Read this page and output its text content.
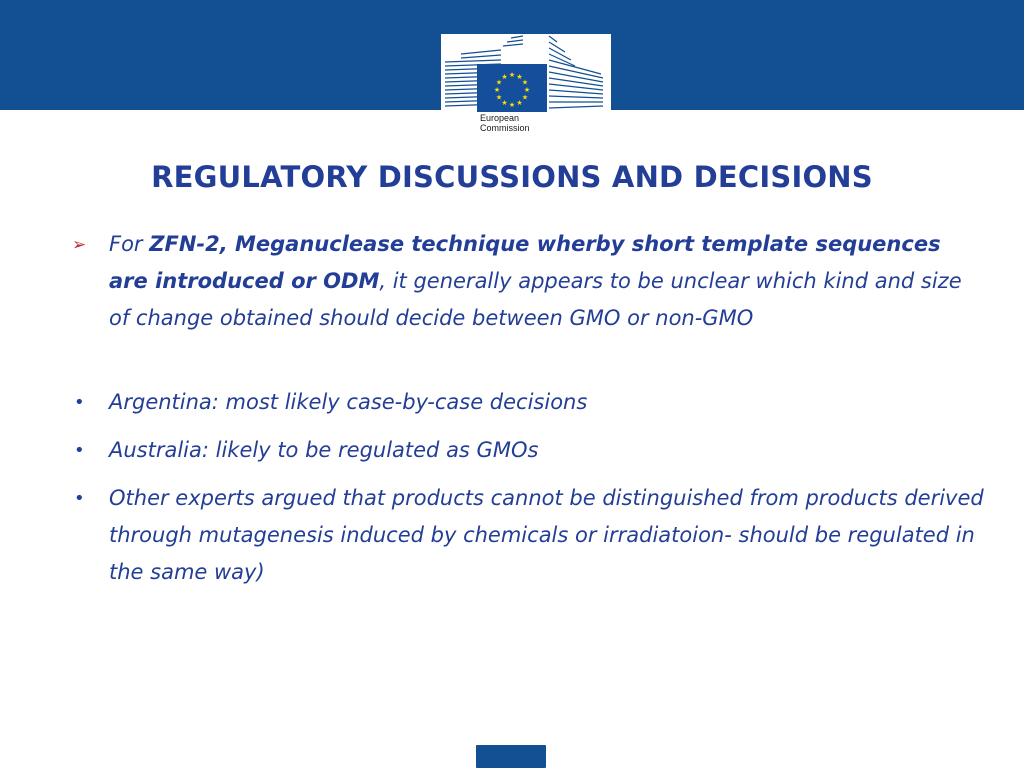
★ ★
★
★
★
★
★
★
★
★
★
★
European
Commission
REGULATORY DISCUSSIONS AND DECISIONS
➢ For ZFN-2, Meganuclease technique wherby short template sequences are introduced or ODM, it generally appears to be unclear which kind and size of change obtained should decide between GMO or non-GMO
• Argentina: most likely case-by-case decisions
• Australia: likely to be regulated as GMOs
• Other experts argued that products cannot be distinguished from products derived through mutagenesis induced by chemicals or irradiatoion- should be regulated in the same way)
